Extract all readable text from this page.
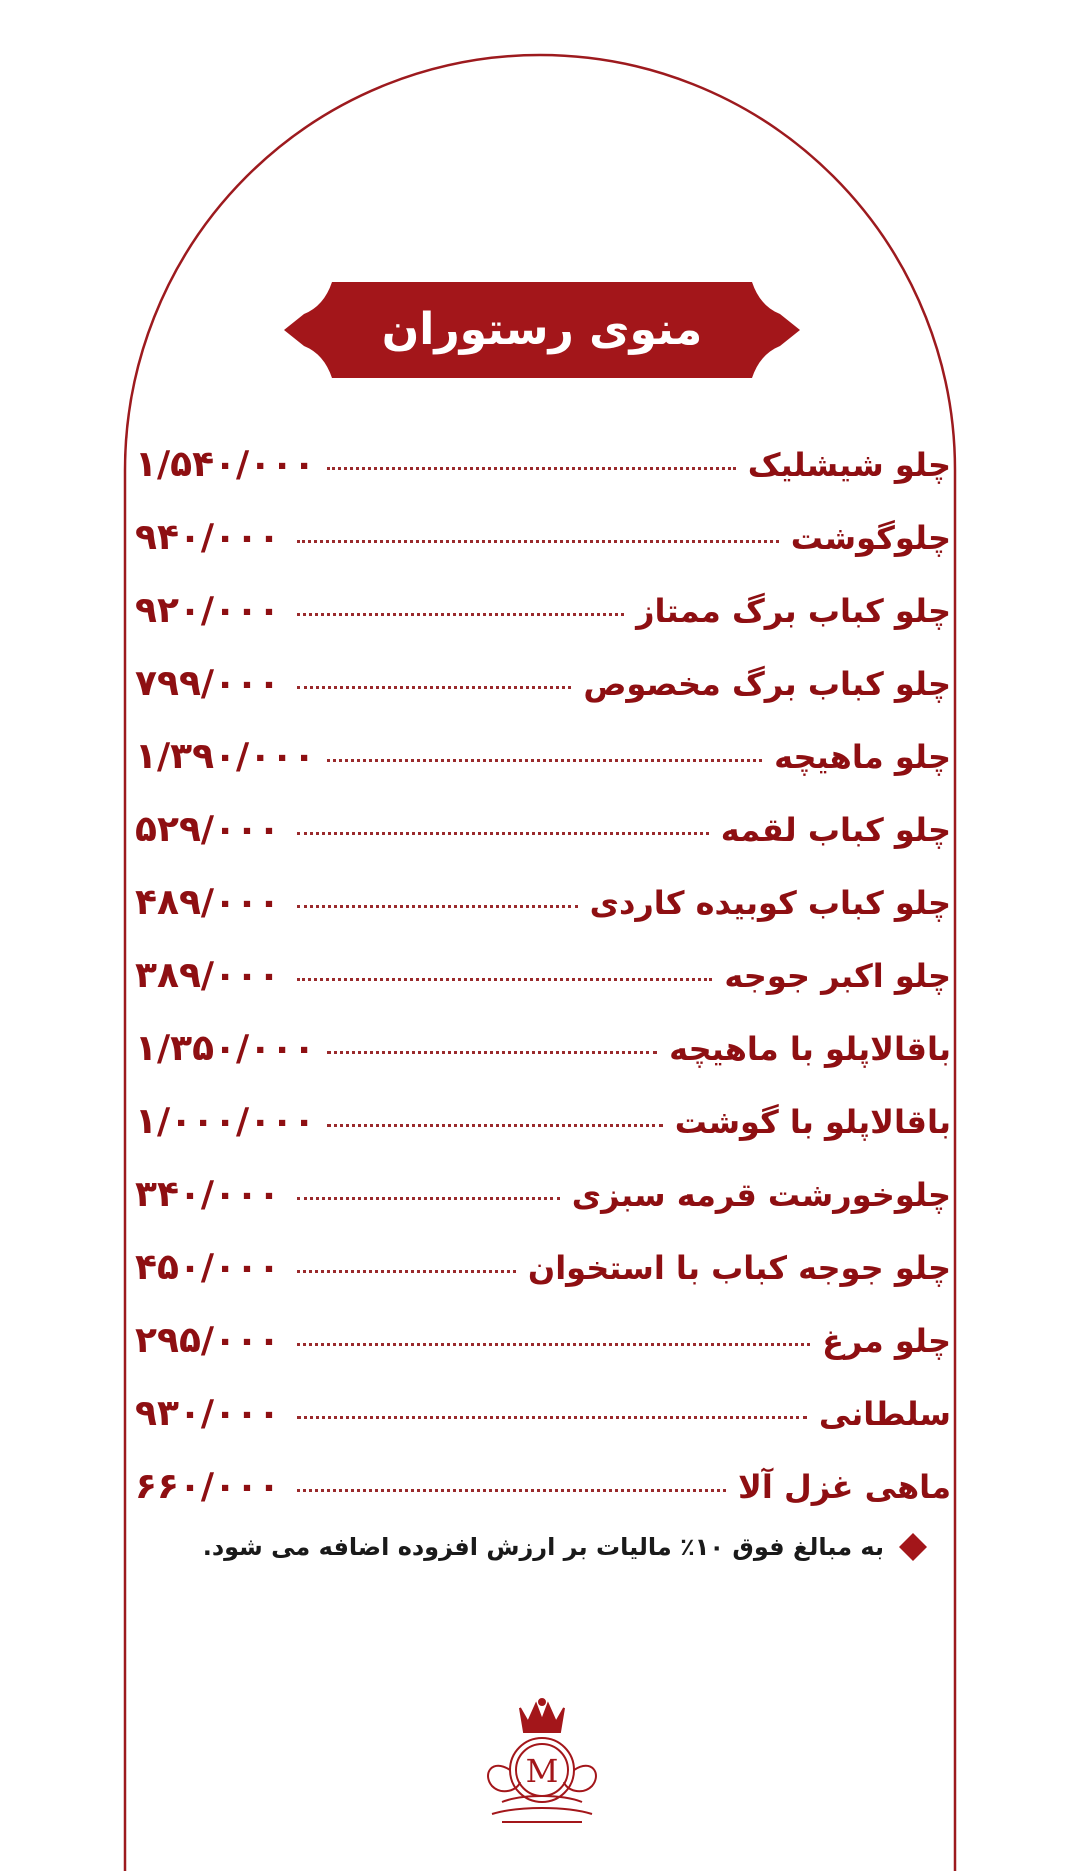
منوی رستوران
چلو شیشلیک
۱/۵۴۰/۰۰۰
چلوگوشت
۹۴۰/۰۰۰
چلو کباب برگ ممتاز
۹۲۰/۰۰۰
چلو کباب برگ مخصوص
۷۹۹/۰۰۰
چلو ماهیچه
۱/۳۹۰/۰۰۰
چلو کباب لقمه
۵۲۹/۰۰۰
چلو کباب کوبیده کاردی
۴۸۹/۰۰۰
چلو اکبر جوجه
۳۸۹/۰۰۰
باقالاپلو با ماهیچه
۱/۳۵۰/۰۰۰
باقالاپلو با گوشت
۱/۰۰۰/۰۰۰
چلوخورشت قرمه سبزی
۳۴۰/۰۰۰
چلو جوجه کباب با استخوان
۴۵۰/۰۰۰
چلو مرغ
۲۹۵/۰۰۰
سلطانی
۹۳۰/۰۰۰
ماهی غزل آلا
۶۶۰/۰۰۰
به مبالغ فوق ۱۰٪ مالیات بر ارزش افزوده اضافه می شود.
M
